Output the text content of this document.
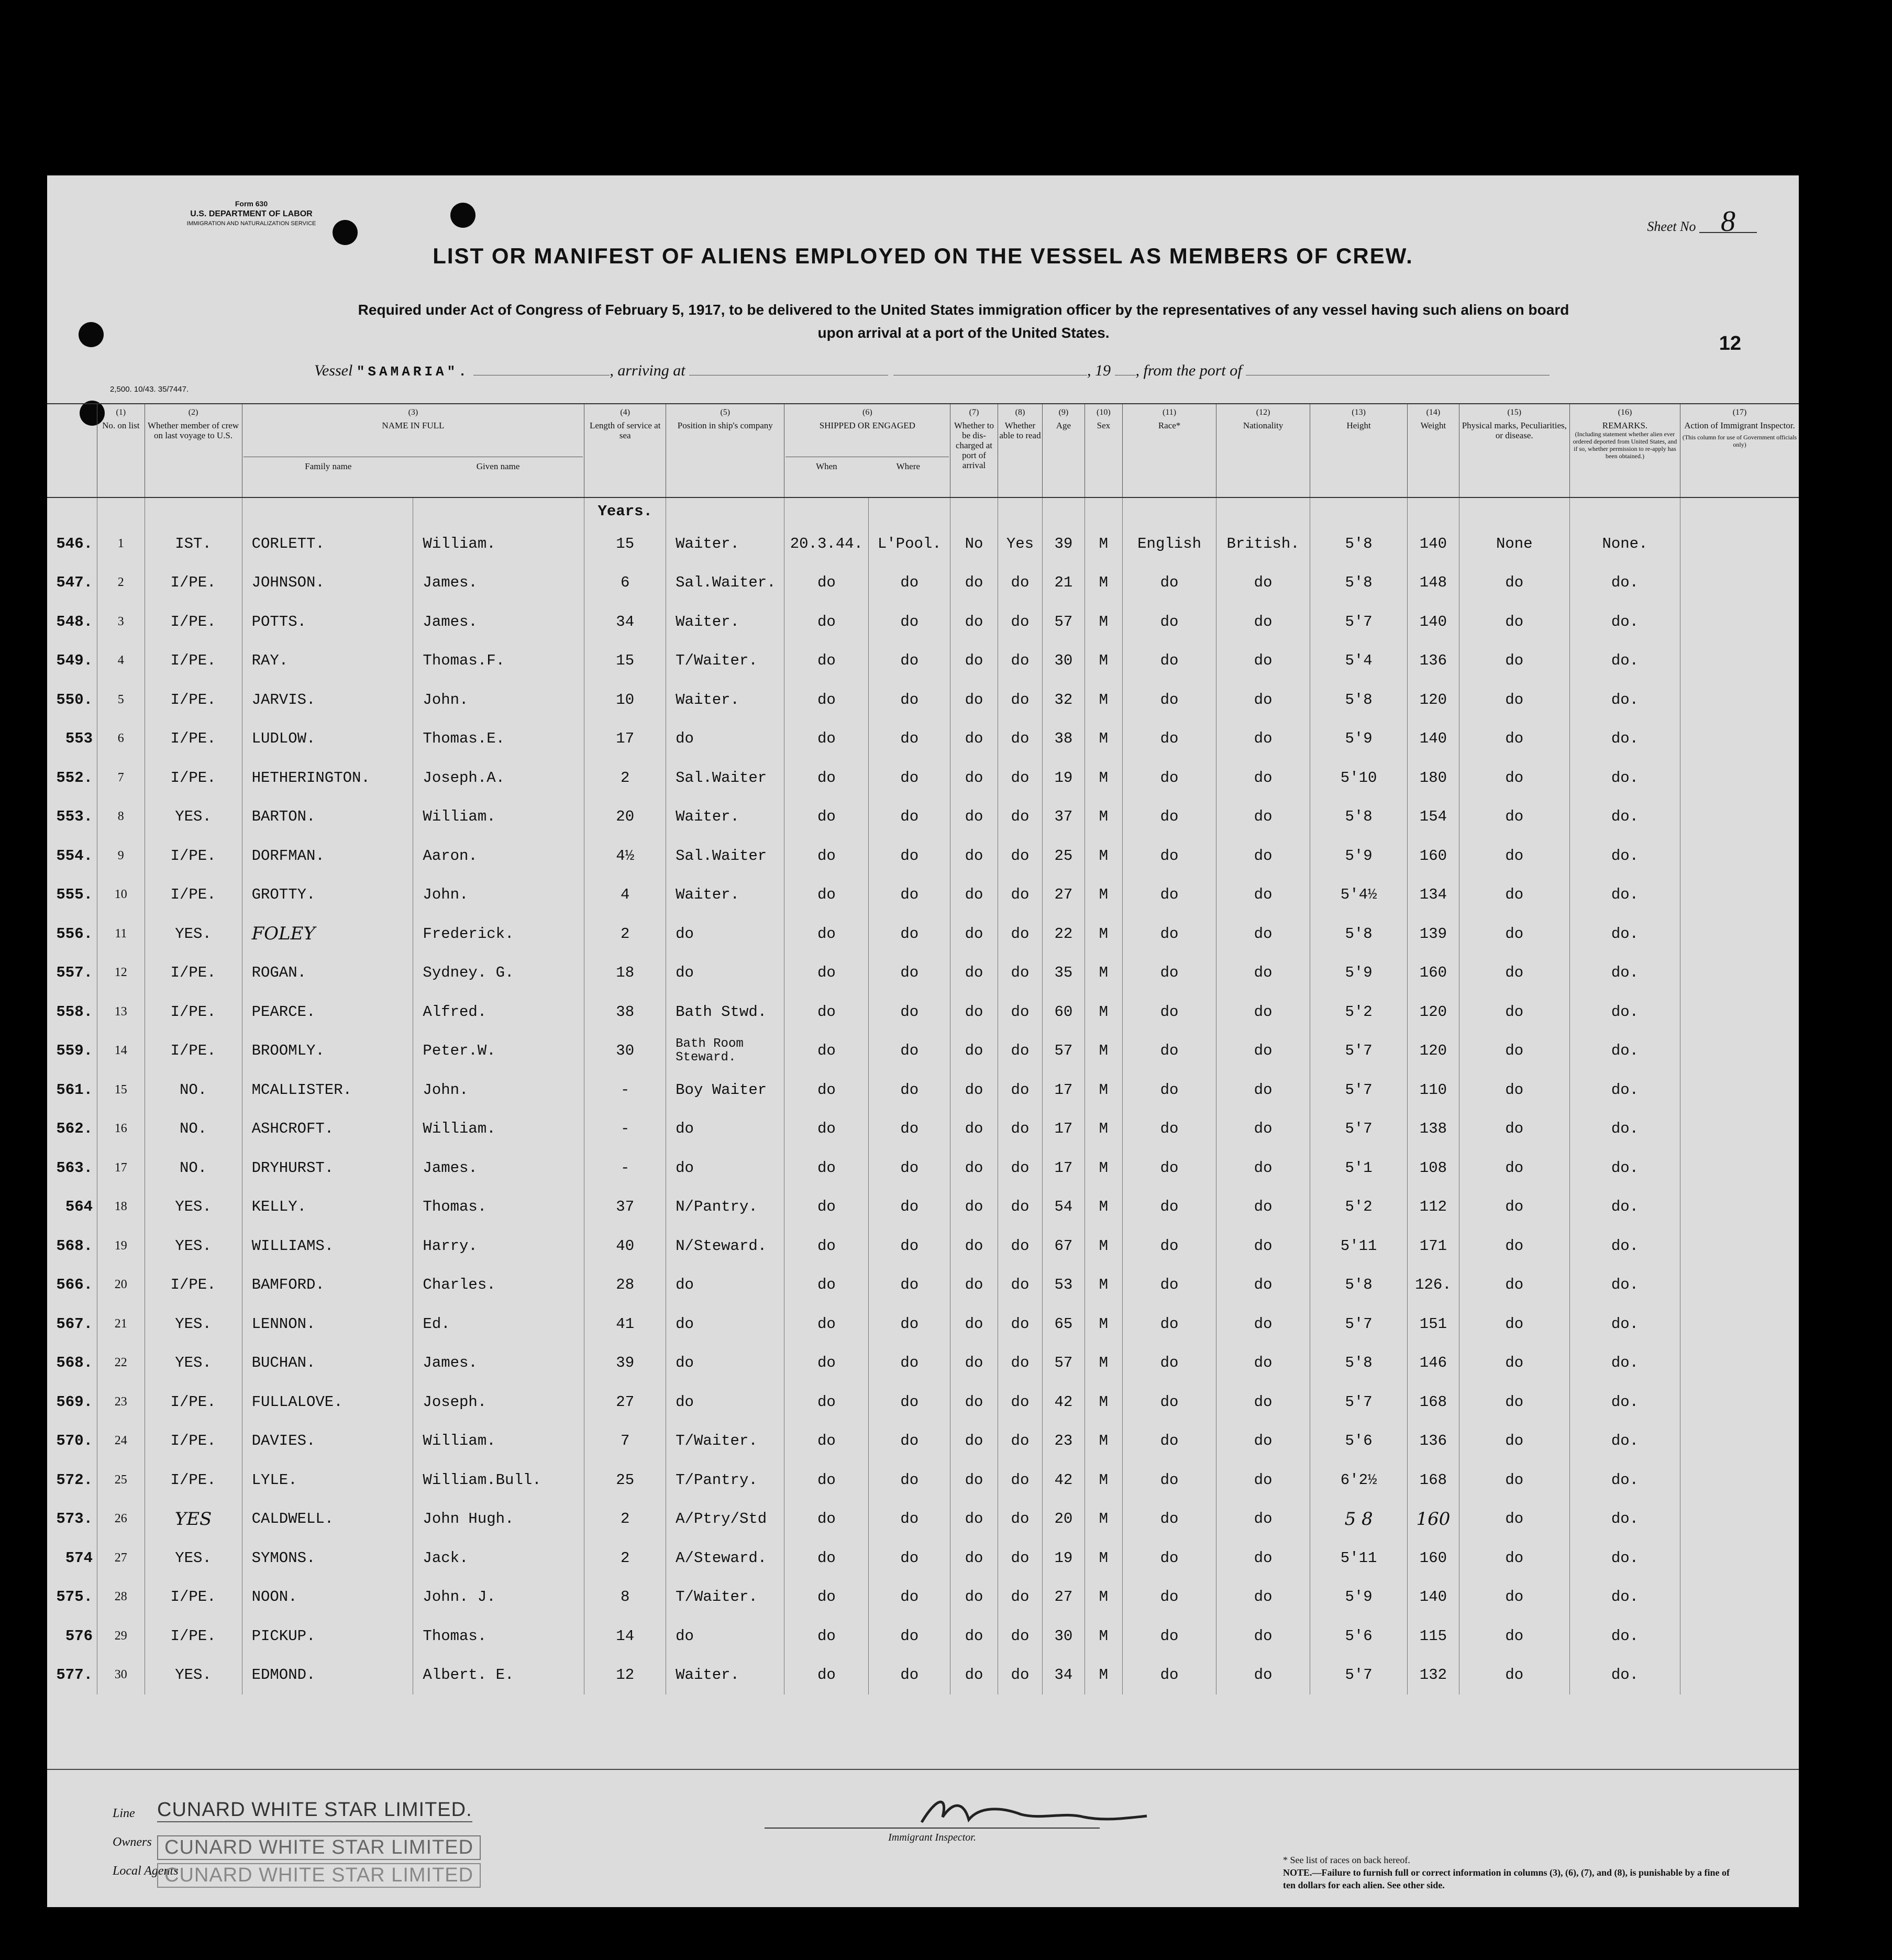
Form 630
U.S. DEPARTMENT OF LABOR
IMMIGRATION AND NATURALIZATION SERVICE	Sheet No 8
LIST OR MANIFEST OF ALIENS EMPLOYED ON THE VESSEL AS MEMBERS OF CREW.
Required under Act of Congress of February 5, 1917, to be delivered to the United States immigration officer by the representatives of any vessel having such aliens on board
upon arrival at a port of the United States.	12
Vessel "SAMARIA".	, arriving at	, 19 , from the port of
2,500. 10/43. 35/7447.

	(1)
No. on list	(2)
Whether member of crew on last voyage to U.S.	(3)
NAME IN FULL
Family name Given name		(4)
Length of service at sea	(5)
Position in ship's company	(6)
SHIPPED OR ENGAGED
When Where		(7)
Whether to be dis-charged at port of arrival	(8)
Whether able to read	(9)
Age	(10)
Sex	(11)
Race*	(12)
Nationality	(13)
Height	(14)
Weight	(15)
Physical marks, Peculiarities, or disease.	(16)
REMARKS.
(Including statement whether alien ever ordered deported from United States, and if so, whether permission to re-apply has been obtained.)	(17)
Action of Immigrant Inspector.
(This column for use of Government officials only)

					Years.														
546.	1	IST.	CORLETT.	William.	15	Waiter.	20.3.44.	L'Pool.	No	Yes	39	M	English	British.	5'8	140	None	None.	
547.	2	I/PE.	JOHNSON.	James.	6	Sal.Waiter.	do	do	do	do	21	M	do	do	5'8	148	do	do.	
548.	3	I/PE.	POTTS.	James.	34	Waiter.	do	do	do	do	57	M	do	do	5'7	140	do	do.	
549.	4	I/PE.	RAY.	Thomas.F.	15	T/Waiter.	do	do	do	do	30	M	do	do	5'4	136	do	do.	
550.	5	I/PE.	JARVIS.	John.	10	Waiter.	do	do	do	do	32	M	do	do	5'8	120	do	do.	
553	6	I/PE.	LUDLOW.	Thomas.E.	17	do	do	do	do	do	38	M	do	do	5'9	140	do	do.	
552.	7	I/PE.	HETHERINGTON.	Joseph.A.	2	Sal.Waiter	do	do	do	do	19	M	do	do	5'10	180	do	do.	
553.	8	YES.	BARTON.	William.	20	Waiter.	do	do	do	do	37	M	do	do	5'8	154	do	do.	
554.	9	I/PE.	DORFMAN.	Aaron.	4½	Sal.Waiter	do	do	do	do	25	M	do	do	5'9	160	do	do.	
555.	10	I/PE.	GROTTY.	John.	4	Waiter.	do	do	do	do	27	M	do	do	5'4½	134	do	do.	
556.	11	YES.	FOLEY	Frederick.	2	do	do	do	do	do	22	M	do	do	5'8	139	do	do.	
557.	12	I/PE.	ROGAN.	Sydney. G.	18	do	do	do	do	do	35	M	do	do	5'9	160	do	do.	
558.	13	I/PE.	PEARCE.	Alfred.	38	Bath Stwd.	do	do	do	do	60	M	do	do	5'2	120	do	do.	
559.	14	I/PE.	BROOMLY.	Peter.W.	30	Bath Room Steward.	do	do	do	do	57	M	do	do	5'7	120	do	do.	
561.	15	NO.	MCALLISTER.	John.	-	Boy Waiter	do	do	do	do	17	M	do	do	5'7	110	do	do.	
562.	16	NO.	ASHCROFT.	William.	-	do	do	do	do	do	17	M	do	do	5'7	138	do	do.	
563.	17	NO.	DRYHURST.	James.	-	do	do	do	do	do	17	M	do	do	5'1	108	do	do.	
564	18	YES.	KELLY.	Thomas.	37	N/Pantry.	do	do	do	do	54	M	do	do	5'2	112	do	do.	
568.	19	YES.	WILLIAMS.	Harry.	40	N/Steward.	do	do	do	do	67	M	do	do	5'11	171	do	do.	
566.	20	I/PE.	BAMFORD.	Charles.	28	do	do	do	do	do	53	M	do	do	5'8	126.	do	do.	
567.	21	YES.	LENNON.	Ed.	41	do	do	do	do	do	65	M	do	do	5'7	151	do	do.	
568.	22	YES.	BUCHAN.	James.	39	do	do	do	do	do	57	M	do	do	5'8	146	do	do.	
569.	23	I/PE.	FULLALOVE.	Joseph.	27	do	do	do	do	do	42	M	do	do	5'7	168	do	do.	
570.	24	I/PE.	DAVIES.	William.	7	T/Waiter.	do	do	do	do	23	M	do	do	5'6	136	do	do.	
572.	25	I/PE.	LYLE.	William.Bull.	25	T/Pantry.	do	do	do	do	42	M	do	do	6'2½	168	do	do.	
573.	26	YES	CALDWELL.	John Hugh.	2	A/Ptry/Std	do	do	do	do	20	M	do	do	5 8	160	do	do.	
574	27	YES.	SYMONS.	Jack.	2	A/Steward.	do	do	do	do	19	M	do	do	5'11	160	do	do.	
575.	28	I/PE.	NOON.	John. J.	8	T/Waiter.	do	do	do	do	27	M	do	do	5'9	140	do	do.	
576	29	I/PE.	PICKUP.	Thomas.	14	do	do	do	do	do	30	M	do	do	5'6	115	do	do.	
577.	30	YES.	EDMOND.	Albert. E.	12	Waiter.	do	do	do	do	34	M	do	do	5'7	132	do	do.	
Line
Owners
Local Agents
CUNARD WHITE STAR LIMITED.
CUNARD WHITE STAR LIMITED
CUNARD WHITE STAR LIMITED
Immigrant Inspector.
* See list of races on back hereof.
NOTE.—Failure to furnish full or correct information in columns (3), (6), (7), and (8), is punishable by a fine of ten dollars for each alien. See other side.
